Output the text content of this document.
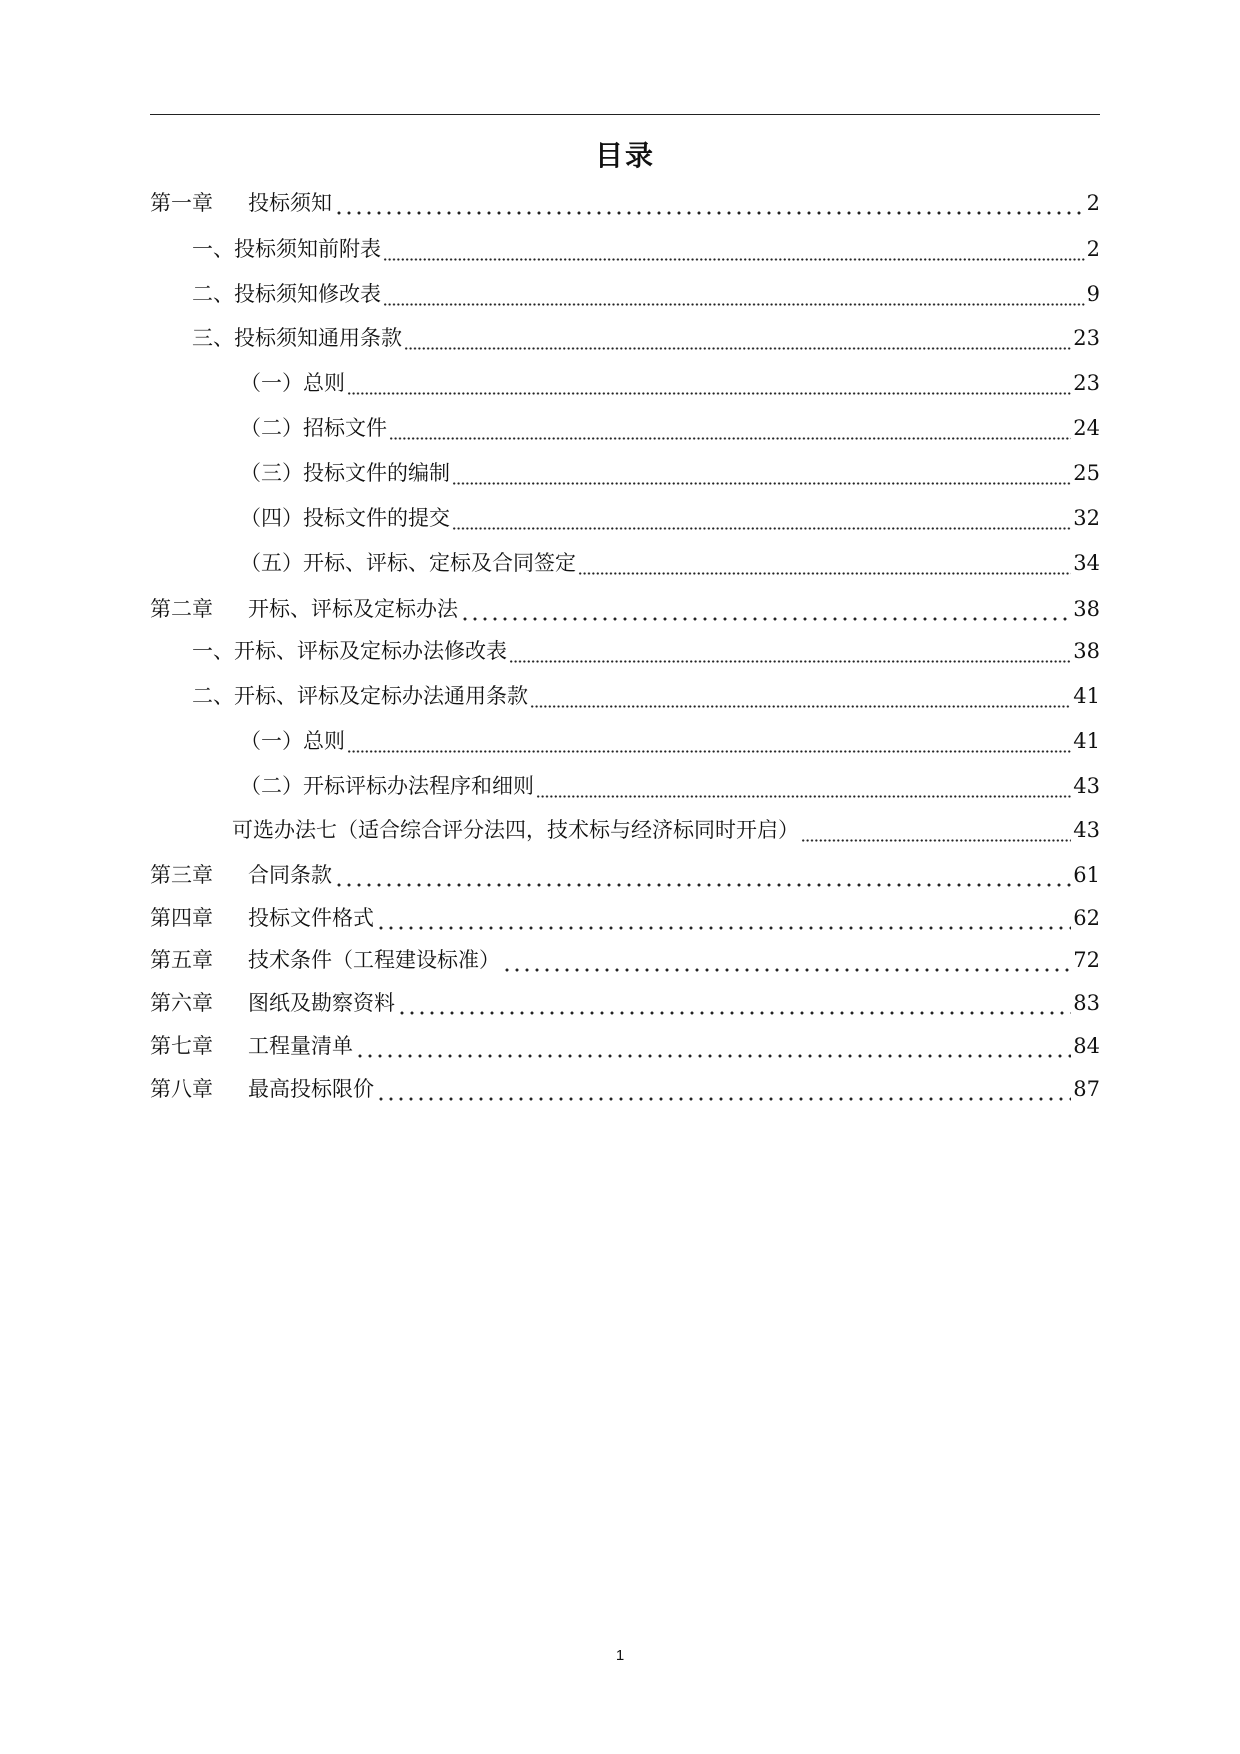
目录
第一章 投标须知	2
一、投标须知前附表	2
二、投标须知修改表	9
三、投标须知通用条款	23
（一）总则	23
（二）招标文件	24
（三）投标文件的编制	25
（四）投标文件的提交	32
（五）开标、评标、定标及合同签定	34
第二章 开标、评标及定标办法	38
一、开标、评标及定标办法修改表	38
二、开标、评标及定标办法通用条款	41
（一）总则	41
（二）开标评标办法程序和细则	43
可选办法七（适合综合评分法四，技术标与经济标同时开启）	43
第三章 合同条款	61
第四章 投标文件格式	62
第五章 技术条件（工程建设标准）	72
第六章 图纸及勘察资料	83
第七章 工程量清单	84
第八章 最高投标限价	87
1
